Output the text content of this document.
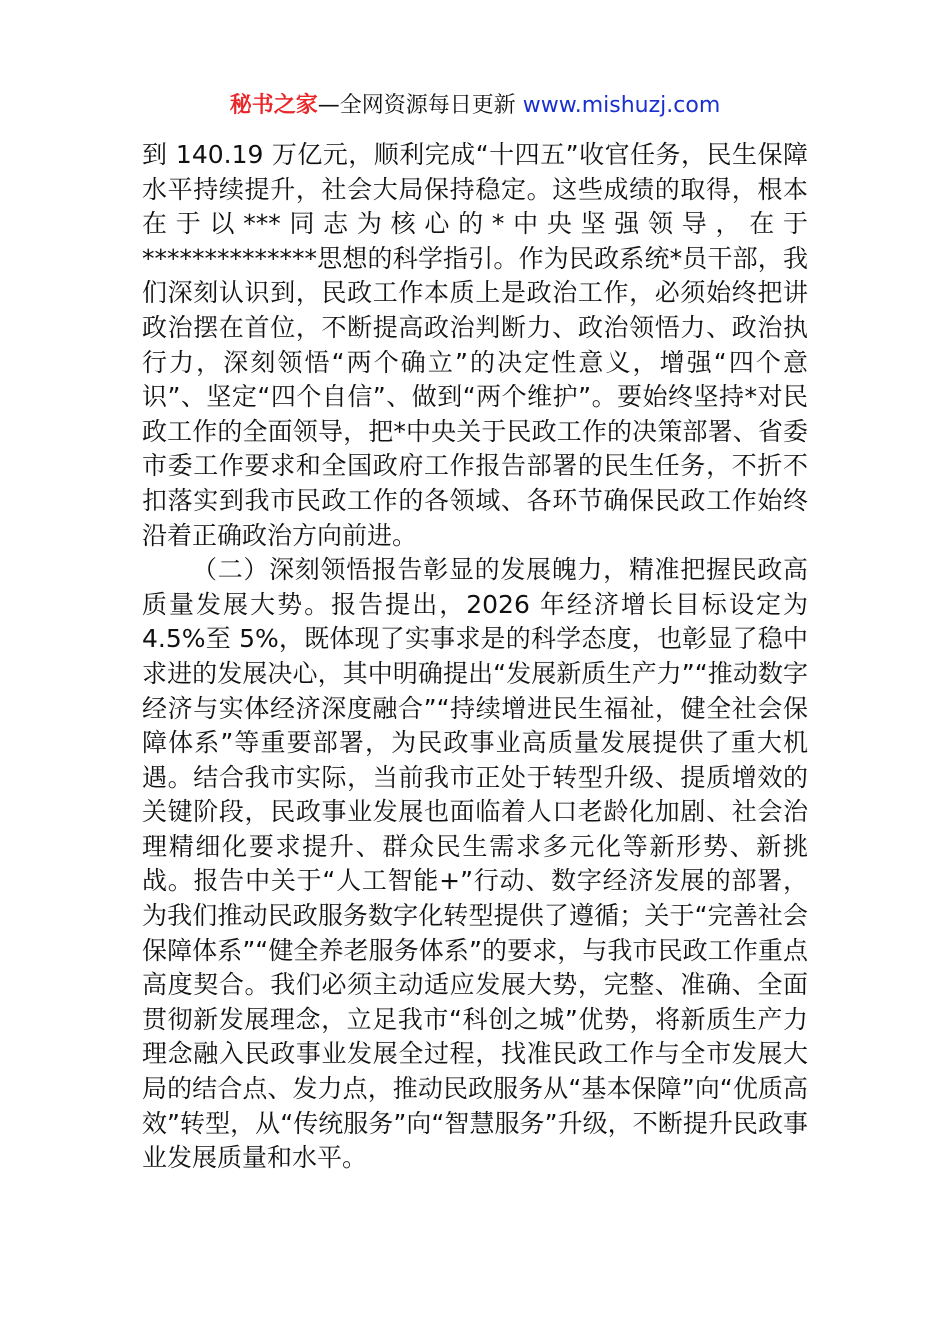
秘书之家—全网资源每日更新 www.mishuzj.com

到 140.19 万亿元，顺利完成“十四五”收官任务，民生保障水平持续提升，社会大局保持稳定。这些成绩的取得，根本在于以***同志为核心的*中央坚强领导，在于**************思想的科学指引。作为民政系统*员干部，我们深刻认识到，民政工作本质上是政治工作，必须始终把讲政治摆在首位，不断提高政治判断力、政治领悟力、政治执行力，深刻领悟“两个确立”的决定性意义，增强“四个意识”、坚定“四个自信”、做到“两个维护”。要始终坚持*对民政工作的全面领导，把*中央关于民政工作的决策部署、省委市委工作要求和全国政府工作报告部署的民生任务，不折不扣落实到我市民政工作的各领域、各环节确保民政工作始终沿着正确政治方向前进。

（二）深刻领悟报告彰显的发展魄力，精准把握民政高质量发展大势。报告提出，2026 年经济增长目标设定为 4.5%至 5%，既体现了实事求是的科学态度，也彰显了稳中求进的发展决心，其中明确提出“发展新质生产力”“推动数字经济与实体经济深度融合”“持续增进民生福祉，健全社会保障体系”等重要部署，为民政事业高质量发展提供了重大机遇。结合我市实际，当前我市正处于转型升级、提质增效的关键阶段，民政事业发展也面临着人口老龄化加剧、社会治理精细化要求提升、群众民生需求多元化等新形势、新挑战。报告中关于“人工智能+”行动、数字经济发展的部署，为我们推动民政服务数字化转型提供了遵循；关于“完善社会保障体系”“健全养老服务体系”的要求，与我市民政工作重点高度契合。我们必须主动适应发展大势，完整、准确、全面贯彻新发展理念，立足我市“科创之城”优势，将新质生产力理念融入民政事业发展全过程，找准民政工作与全市发展大局的结合点、发力点，推动民政服务从“基本保障”向“优质高效”转型，从“传统服务”向“智慧服务”升级，不断提升民政事业发展质量和水平。
